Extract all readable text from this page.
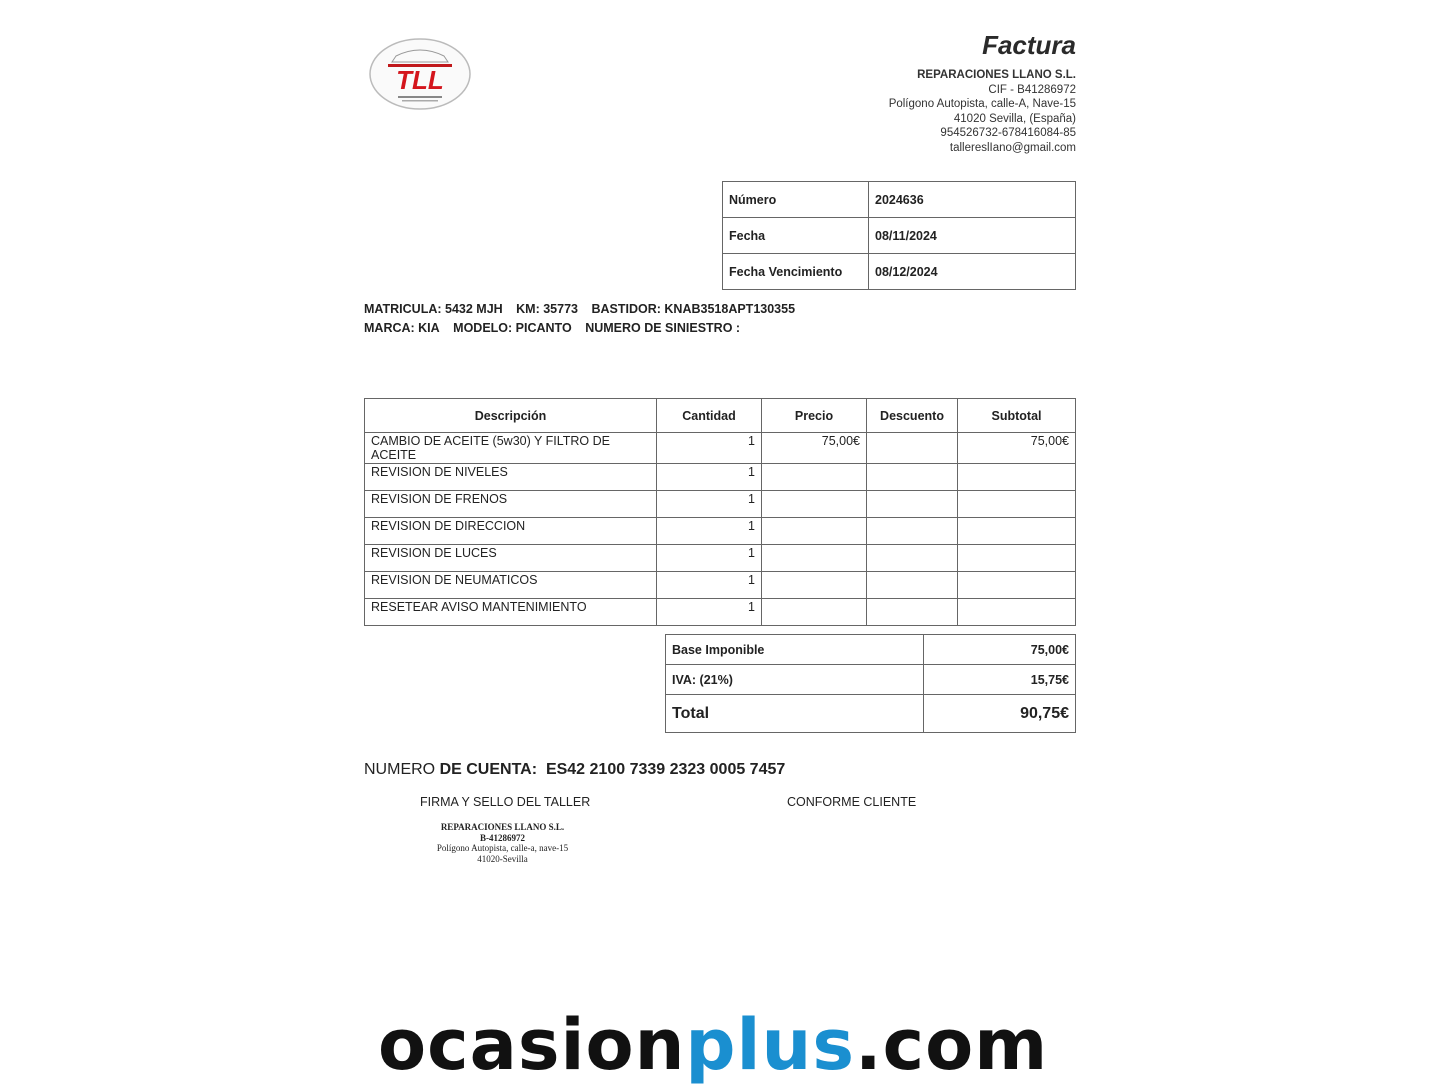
TLL
Factura
REPARACIONES LLANO S.L.
CIF - B41286972
Polígono Autopista, calle-A, Nave-15
41020 Sevilla, (España)
954526732-678416084-85
tallereslIano@gmail.com
Número	2024636
Fecha	08/11/2024
Fecha Vencimiento	08/12/2024
MATRICULA: 5432 MJH KM: 35773 BASTIDOR: KNAB3518APT130355
MARCA: KIA MODELO: PICANTO NUMERO DE SINIESTRO :
Descripción	Cantidad	Precio	Descuento	Subtotal
CAMBIO DE ACEITE (5w30) Y FILTRO DE ACEITE	1	75,00€		75,00€
REVISION DE NIVELES	1			
REVISION DE FRENOS	1			
REVISION DE DIRECCION	1			
REVISION DE LUCES	1			
REVISION DE NEUMATICOS	1			
RESETEAR AVISO MANTENIMIENTO	1			
Base Imponible	75,00€
IVA: (21%)	15,75€
Total	90,75€
NUMERO DE CUENTA: ES42 2100 7339 2323 0005 7457
FIRMA Y SELLO DEL TALLER	CONFORME CLIENTE
REPARACIONES LLANO S.L.
B-41286972
Polígono Autopista, calle-a, nave-15
41020-Sevilla
ocasionplus.com
